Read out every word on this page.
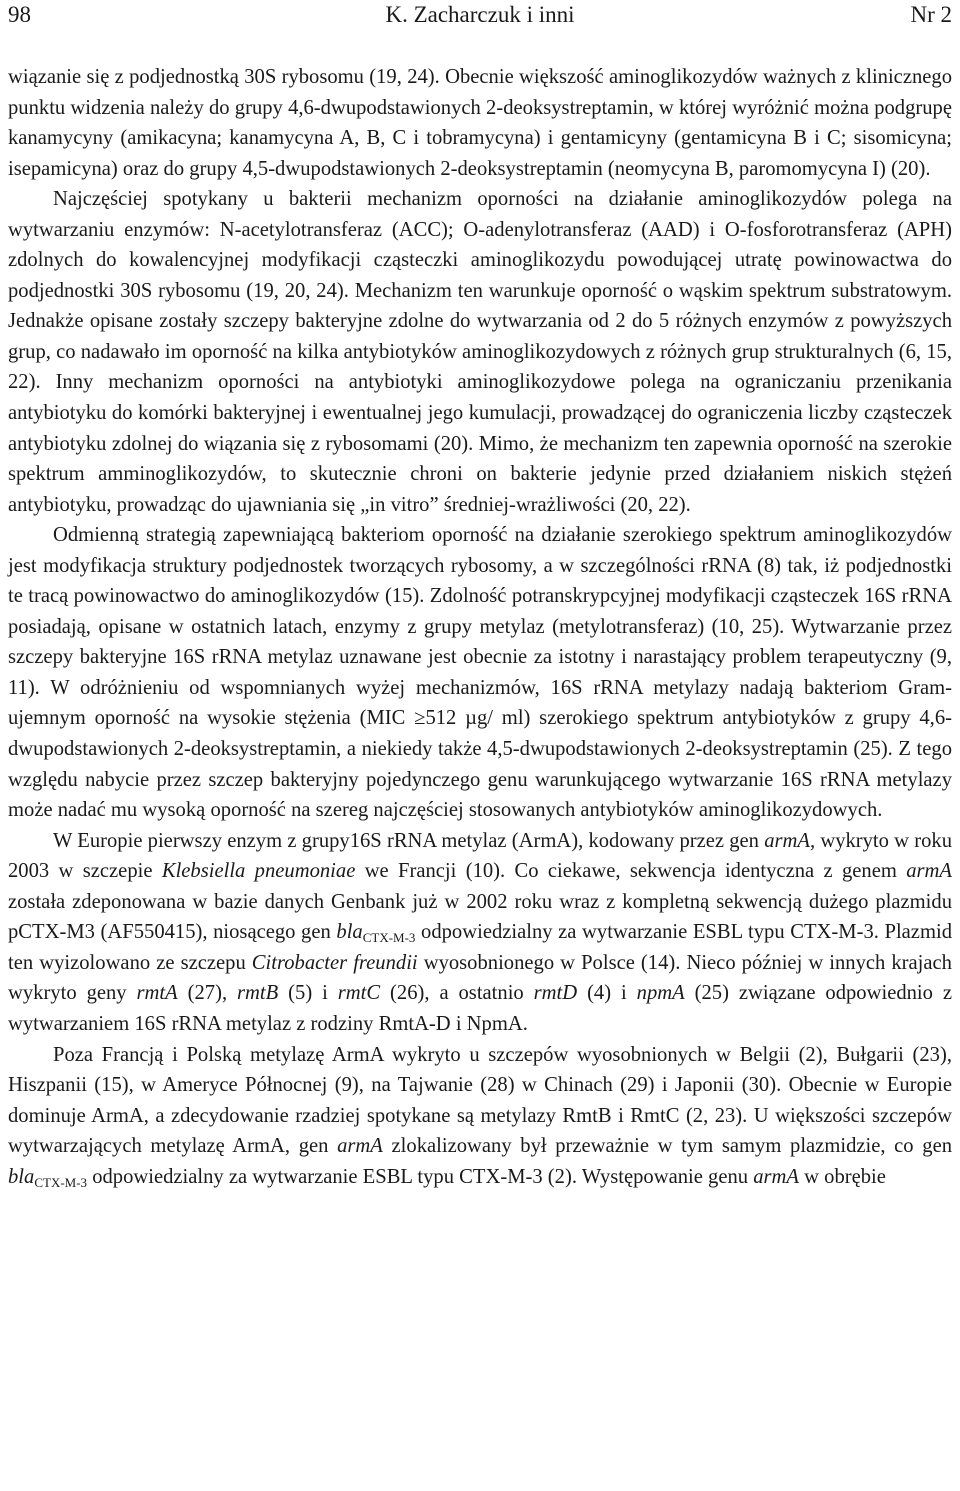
98	K. Zacharczuk i inni	Nr 2

wiązanie się z podjednostką 30S rybosomu (19, 24). Obecnie większość aminoglikozydów ważnych z klinicznego punktu widzenia należy do grupy 4,6-dwupodstawionych 2-deoksystreptamin, w której wyróżnić można podgrupę kanamycyny (amikacyna; kanamycyna A, B, C i tobramycyna) i gentamicyny (gentamicyna B i C; sisomicyna; isepamicyna) oraz do grupy 4,5-dwupodstawionych 2-deoksystreptamin (neomycyna B, paromomycyna I) (20).

Najczęściej spotykany u bakterii mechanizm oporności na działanie aminoglikozydów polega na wytwarzaniu enzymów: N-acetylotransferaz (ACC); O-adenylotransferaz (AAD) i O-fosforotransferaz (APH) zdolnych do kowalencyjnej modyfikacji cząsteczki aminoglikozydu powodującej utratę powinowactwa do podjednostki 30S rybosomu (19, 20, 24). Mechanizm ten warunkuje oporność o wąskim spektrum substratowym. Jednakże opisane zostały szczepy bakteryjne zdolne do wytwarzania od 2 do 5 różnych enzymów z powyższych grup, co nadawało im oporność na kilka antybiotyków aminoglikozydowych z różnych grup strukturalnych (6, 15, 22). Inny mechanizm oporności na antybiotyki aminoglikozydowe polega na ograniczaniu przenikania antybiotyku do komórki bakteryjnej i ewentualnej jego kumulacji, prowadzącej do ograniczenia liczby cząsteczek antybiotyku zdolnej do wiązania się z rybosomami (20). Mimo, że mechanizm ten zapewnia oporność na szerokie spektrum amminoglikozydów, to skutecznie chroni on bakterie jedynie przed działaniem niskich stężeń antybiotyku, prowadząc do ujawniania się „in vitro” średniej-wrażliwości (20, 22).

Odmienną strategią zapewniającą bakteriom oporność na działanie szerokiego spektrum aminoglikozydów jest modyfikacja struktury podjednostek tworzących rybosomy, a w szczególności rRNA (8) tak, iż podjednostki te tracą powinowactwo do aminoglikozydów (15). Zdolność potranskrypcyjnej modyfikacji cząsteczek 16S rRNA posiadają, opisane w ostatnich latach, enzymy z grupy metylaz (metylotransferaz) (10, 25). Wytwarzanie przez szczepy bakteryjne 16S rRNA metylaz uznawane jest obecnie za istotny i narastający problem terapeutyczny (9, 11). W odróżnieniu od wspomnianych wyżej mechanizmów, 16S rRNA metylazy nadają bakteriom Gram-ujemnym oporność na wysokie stężenia (MIC ≥512 µg/ ml) szerokiego spektrum antybiotyków z grupy 4,6-dwupodstawionych 2-deoksystreptamin, a niekiedy także 4,5-dwupodstawionych 2-deoksystreptamin (25). Z tego względu nabycie przez szczep bakteryjny pojedynczego genu warunkującego wytwarzanie 16S rRNA metylazy może nadać mu wysoką oporność na szereg najczęściej stosowanych antybiotyków aminoglikozydowych.

W Europie pierwszy enzym z grupy16S rRNA metylaz (ArmA), kodowany przez gen armA, wykryto w roku 2003 w szczepie Klebsiella pneumoniae we Francji (10). Co ciekawe, sekwencja identyczna z genem armA została zdeponowana w bazie danych Genbank już w 2002 roku wraz z kompletną sekwencją dużego plazmidu pCTX-M3 (AF550415), niosącego gen bla$_{CTX-M-3}$ odpowiedzialny za wytwarzanie ESBL typu CTX-M-3. Plazmid ten wyizolowano ze szczepu Citrobacter freundii wyosobnionego w Polsce (14). Nieco później w innych krajach wykryto geny rmtA (27), rmtB (5) i rmtC (26), a ostatnio rmtD (4) i npmA (25) związane odpowiednio z wytwarzaniem 16S rRNA metylaz z rodziny RmtA-D i NpmA.

Poza Francją i Polską metylazę ArmA wykryto u szczepów wyosobnionych w Belgii (2), Bułgarii (23), Hiszpanii (15), w Ameryce Północnej (9), na Tajwanie (28) w Chinach (29) i Japonii (30). Obecnie w Europie dominuje ArmA, a zdecydowanie rzadziej spotykane są metylazy RmtB i RmtC (2, 23). U większości szczepów wytwarzających metylazę ArmA, gen armA zlokalizowany był przeważnie w tym samym plazmidzie, co gen bla$_{CTX-M-3}$ odpowiedzialny za wytwarzanie ESBL typu CTX-M-3 (2). Występowanie genu armA w obrębie
